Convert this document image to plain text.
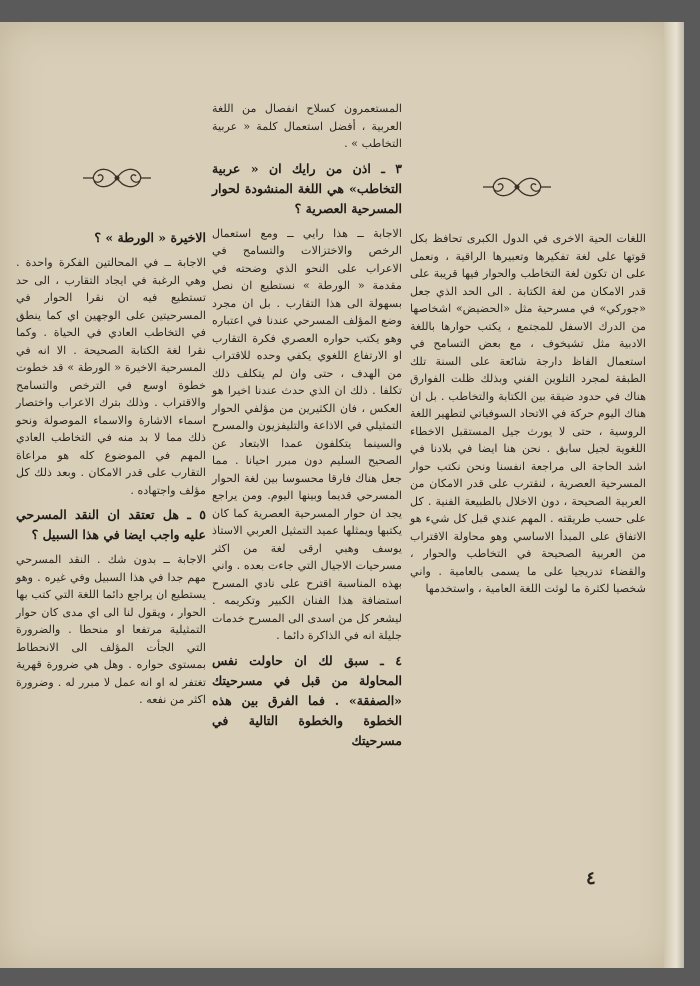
المستعمرون كسلاح انفصال من اللغة العربية ، أفضل استعمال كلمة « عربية التخاطب » .

٣ ـ اذن من رايك ان « عربية التخاطب» هي اللغة المنشودة لحوار المسرحية العصرية ؟

الاجابة ــ هذا رايي ــ ومع استعمال الرخص والاختزالات والتسامح في الاعراب على النحو الذي وضحته في مقدمة « الورطة » نستطيع ان نصل بسهولة الى هذا التقارب . بل ان مجرد وضع المؤلف المسرحي عندنا في اعتباره وهو يكتب حواره العصري فكرة التقارب او الارتفاع اللغوي يكفي وحده للاقتراب من الهدف ، حتى وان لم يتكلف ذلك تكلفا . ذلك ان الذي حدث عندنا اخيرا هو العكس ، فان الكثيرين من مؤلفي الحوار التمثيلي في الاذاعة والتليفزيون والمسرح والسينما يتكلفون عمدا الابتعاد عن الصحيح السليم دون مبرر احيانا . مما جعل هناك فارقا محسوسا بين لغة الحوار المسرحي قديما وبينها اليوم. ومن يراجع يجد ان حوار المسرحية العصرية كما كان يكتبها ويمثلها عميد التمثيل العربي الاستاذ يوسف وهبي ارقى لغة من اكثر مسرحيات الاجيال التي جاءت بعده . واني بهذه المناسبة اقترح على نادي المسرح استضافة هذا الفنان الكبير وتكريمه . ليشعر كل من اسدى الى المسرح خدمات جليلة انه في الذاكرة دائما .

٤ ـ سبق لك ان حاولت نفس المحاولة من قبل في مسرحيتك «الصفقة» . فما الفرق بين هذه الخطوة والخطوة التالية في مسرحيتك

اللغات الحية الاخرى في الدول الكبرى تحافظ بكل قوتها على لغة تفكيرها وتعبيرها الراقية ، ونعمل على ان تكون لغة التخاطب والحوار فيها قريبة على قدر الامكان من لغة الكتابة . الى الحد الذي جعل «جوركي» في مسرحية مثل «الحضيض» اشخاصها من الدرك الاسفل للمجتمع ، يكتب حوارها باللغة الادبية مثل تشيخوف ، مع بعض التسامح في استعمال الفاظ دارجة شائعة على السنة تلك الطبقة لمجرد التلوين الفني وبذلك ظلت الفوارق هناك في حدود ضيقة بين الكتابة والتخاطب . بل ان هناك اليوم حركة في الاتحاد السوفياتي لتطهير اللغة الروسية ، حتى لا يورث جيل المستقبل الاخطاء اللغوية لجيل سابق . نحن هنا ايضا في بلادنا في اشد الحاجة الى مراجعة انفسنا ونحن نكتب حوار المسرحية العصرية ، لنقترب على قدر الامكان من العربية الصحيحة ، دون الاخلال بالطبيعة الفنية . كل على حسب طريقته . المهم عندي قبل كل شيء هو الاتفاق على المبدأ الاساسي وهو محاولة الاقتراب من العربية الصحيحة في التخاطب والحوار ، والقضاء تدريجيا على ما يسمى بالعامية . واني شخصيا لكثرة ما لوثت اللغة العامية ، واستخدمها

الاخيرة « الورطة » ؟

الاجابة ــ في المحالتين الفكرة واحدة . وهي الرغبة في ايجاد التقارب ، الى حد تستطيع فيه ان نقرا الحوار في المسرحيتين على الوجهين اي كما ينطق في التخاطب العادي في الحياة . وكما نقرا لغة الكتابة الصحيحة . الا انه في المسرحية الاخيرة « الورطة » قد خطوت خطوة اوسع في الترخص والتسامح والاقتراب . وذلك بترك الاعراب واختصار اسماء الاشارة والاسماء الموصولة ونحو ذلك مما لا بد منه في التخاطب العادي المهم في الموضوع كله هو مراعاة التقارب على قدر الامكان . وبعد ذلك كل مؤلف واجتهاده .

٥ ـ هل تعتقد ان النقد المسرحي عليه واجب ايضا في هذا السبيل ؟

الاجابة ــ بدون شك . النقد المسرحي مهم جدا في هذا السبيل وفي غيره . وهو يستطيع ان يراجع دائما اللغة التي كتب بها الحوار ، ويقول لنا الى اي مدى كان حوار التمثيلية مرتفعا او منحطا . والضرورة التي الجأت المؤلف الى الانحطاط بمستوى حواره . وهل هي ضرورة قهرية تغتفر له او انه عمل لا مبرر له . وضرورة اكثر من نفعه .

٤
